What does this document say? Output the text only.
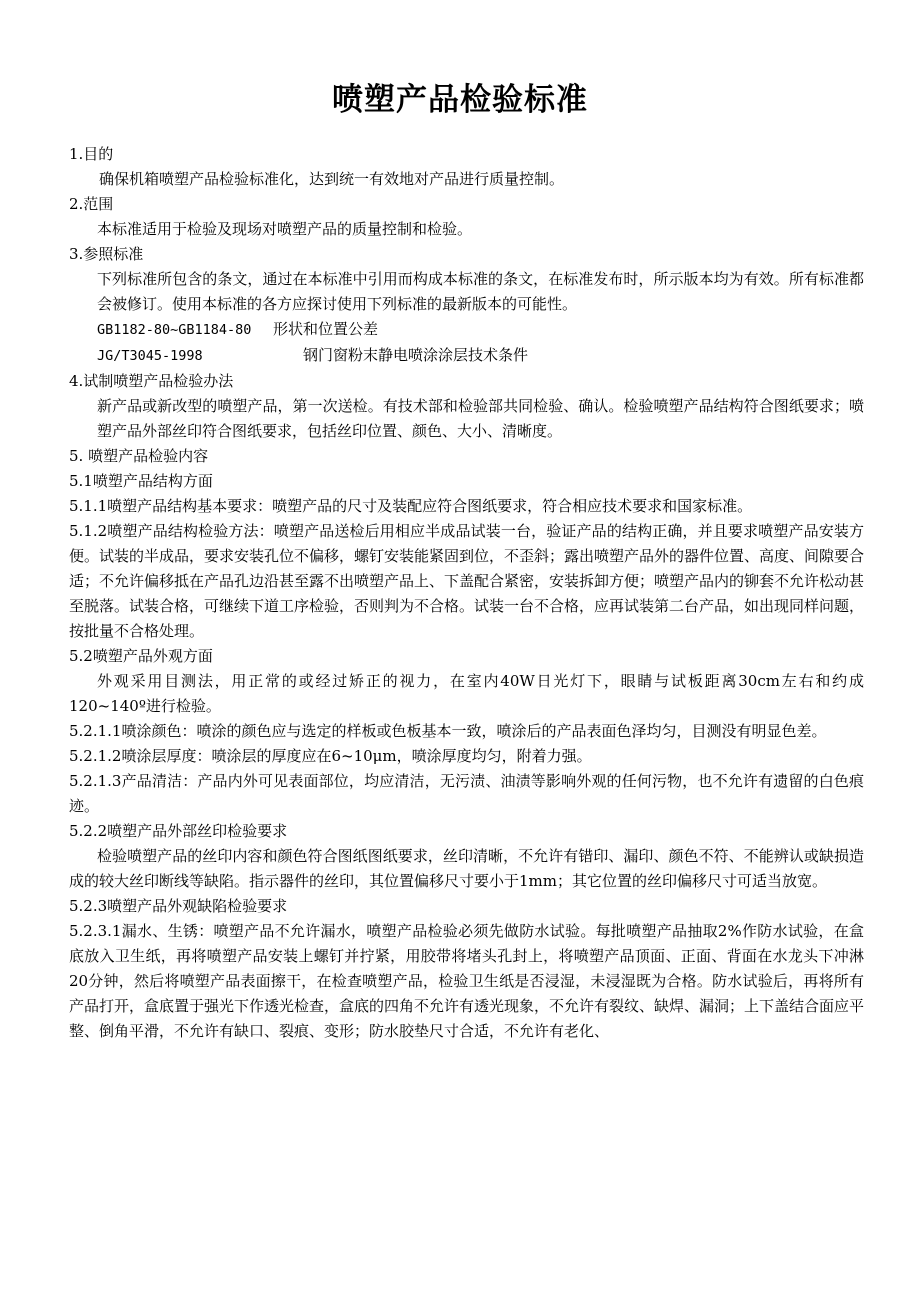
喷塑产品检验标准

1.目的

确保机箱喷塑产品检验标准化，达到统一有效地对产品进行质量控制。

2.范围

本标准适用于检验及现场对喷塑产品的质量控制和检验。

3.参照标准

下列标准所包含的条文，通过在本标准中引用而构成本标准的条文，在标准发布时，所示版本均为有效。所有标准都会被修订。使用本标准的各方应探讨使用下列标准的最新版本的可能性。

GB1182-80~GB1184-80 形状和位置公差

JG/T3045-1998	钢门窗粉末静电喷涂涂层技术条件

4.试制喷塑产品检验办法

新产品或新改型的喷塑产品，第一次送检。有技术部和检验部共同检验、确认。检验喷塑产品结构符合图纸要求；喷塑产品外部丝印符合图纸要求，包括丝印位置、颜色、大小、清晰度。

5. 喷塑产品检验内容

5.1喷塑产品结构方面

5.1.1喷塑产品结构基本要求：喷塑产品的尺寸及装配应符合图纸要求，符合相应技术要求和国家标准。

5.1.2喷塑产品结构检验方法：喷塑产品送检后用相应半成品试装一台，验证产品的结构正确，并且要求喷塑产品安装方便。试装的半成品，要求安装孔位不偏移，螺钉安装能紧固到位，不歪斜；露出喷塑产品外的器件位置、高度、间隙要合适；不允许偏移抵在产品孔边沿甚至露不出喷塑产品上、下盖配合紧密，安装拆卸方便；喷塑产品内的铆套不允许松动甚至脱落。试装合格，可继续下道工序检验，否则判为不合格。试装一台不合格，应再试装第二台产品，如出现同样问题，按批量不合格处理。

5.2喷塑产品外观方面

外观采用目测法，用正常的或经过矫正的视力，在室内40W日光灯下，眼睛与试板距离30cm左右和约成120~140º进行检验。

5.2.1.1喷涂颜色：喷涂的颜色应与选定的样板或色板基本一致，喷涂后的产品表面色泽均匀，目测没有明显色差。

5.2.1.2喷涂层厚度：喷涂层的厚度应在6~10μm，喷涂厚度均匀，附着力强。

5.2.1.3产品清洁：产品内外可见表面部位，均应清洁，无污渍、油渍等影响外观的任何污物，也不允许有遗留的白色痕迹。

5.2.2喷塑产品外部丝印检验要求

检验喷塑产品的丝印内容和颜色符合图纸图纸要求，丝印清晰，不允许有错印、漏印、颜色不符、不能辨认或缺损造成的较大丝印断线等缺陷。指示器件的丝印，其位置偏移尺寸要小于1mm；其它位置的丝印偏移尺寸可适当放宽。

5.2.3喷塑产品外观缺陷检验要求

5.2.3.1漏水、生锈：喷塑产品不允许漏水，喷塑产品检验必须先做防水试验。每批喷塑产品抽取2%作防水试验，在盒底放入卫生纸，再将喷塑产品安装上螺钉并拧紧，用胶带将堵头孔封上，将喷塑产品顶面、正面、背面在水龙头下冲淋20分钟，然后将喷塑产品表面擦干，在检查喷塑产品，检验卫生纸是否浸湿，未浸湿既为合格。防水试验后，再将所有产品打开，盒底置于强光下作透光检查，盒底的四角不允许有透光现象，不允许有裂纹、缺焊、漏洞；上下盖结合面应平整、倒角平滑，不允许有缺口、裂痕、变形；防水胶垫尺寸合适，不允许有老化、
